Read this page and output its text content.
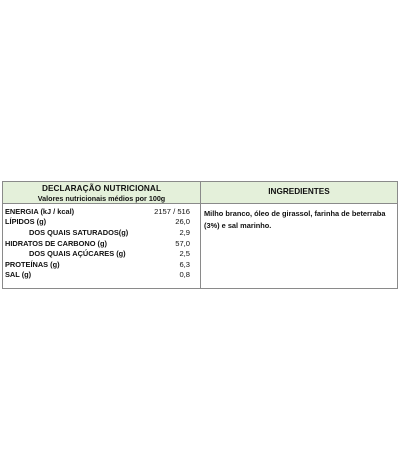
DECLARAÇÃO NUTRICIONAL
Valores nutricionais médios por 100g
ENERGIA (kJ / kcal)	2157 / 516
LÍPIDOS (g)	26,0
DOS QUAIS SATURADOS(g)	2,9
HIDRATOS DE CARBONO (g)	57,0
DOS QUAIS AÇÚCARES (g)	2,5
PROTEÍNAS (g)	6,3
SAL (g)	0,8
INGREDIENTES
Milho branco, óleo de girassol, farinha de beterraba (3%) e sal marinho.
